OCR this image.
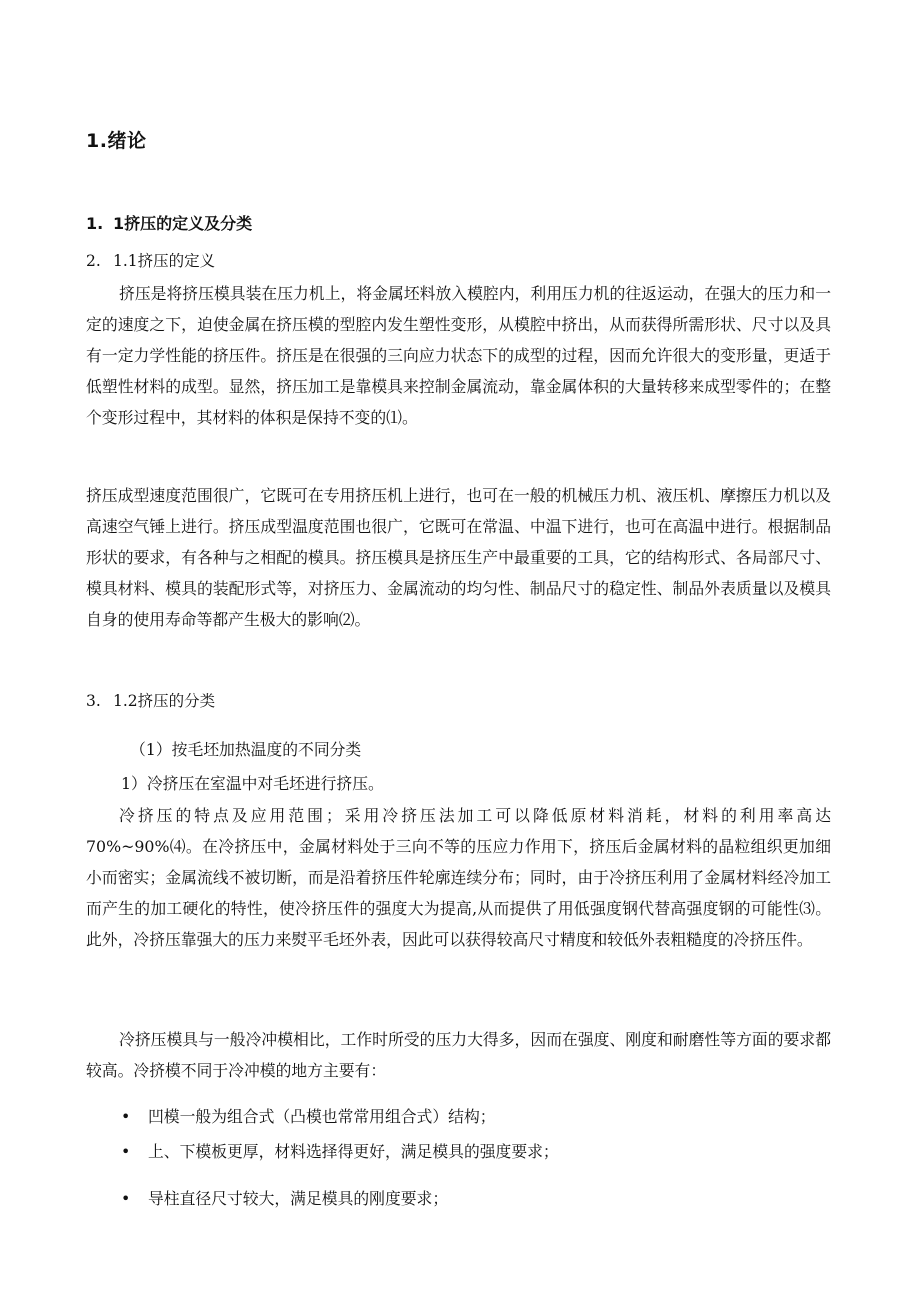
1.绪论
1. 1挤压的定义及分类
2. 1.1挤压的定义

挤压是将挤压模具装在压力机上，将金属坯料放入模腔内，利用压力机的往返运动，在强大的压力和一定的速度之下，迫使金属在挤压模的型腔内发生塑性变形，从模腔中挤出，从而获得所需形状、尺寸以及具有一定力学性能的挤压件。挤压是在很强的三向应力状态下的成型的过程，因而允许很大的变形量，更适于低塑性材料的成型。显然，挤压加工是靠模具来控制金属流动，靠金属体积的大量转移来成型零件的；在整个变形过程中，其材料的体积是保持不变的⑴。

挤压成型速度范围很广，它既可在专用挤压机上进行，也可在一般的机械压力机、液压机、摩擦压力机以及高速空气锤上进行。挤压成型温度范围也很广，它既可在常温、中温下进行，也可在高温中进行。根据制品形状的要求，有各种与之相配的模具。挤压模具是挤压生产中最重要的工具，它的结构形式、各局部尺寸、模具材料、模具的装配形式等，对挤压力、金属流动的均匀性、制品尺寸的稳定性、制品外表质量以及模具自身的使用寿命等都产生极大的影响⑵。

3. 1.2挤压的分类
（1）按毛坯加热温度的不同分类
1）冷挤压在室温中对毛坯进行挤压。

冷挤压的特点及应用范围；采用冷挤压法加工可以降低原材料消耗，材料的利用率高达70%~90%⑷。在冷挤压中，金属材料处于三向不等的压应力作用下，挤压后金属材料的晶粒组织更加细小而密实；金属流线不被切断，而是沿着挤压件轮廓连续分布；同时，由于冷挤压利用了金属材料经冷加工而产生的加工硬化的特性，使冷挤压件的强度大为提高,从而提供了用低强度钢代替高强度钢的可能性⑶。此外，冷挤压靠强大的压力来熨平毛坯外表，因此可以获得较高尺寸精度和较低外表粗糙度的冷挤压件。

冷挤压模具与一般冷冲模相比，工作时所受的压力大得多，因而在强度、刚度和耐磨性等方面的要求都较高。冷挤模不同于冷冲模的地方主要有：

• 凹模一般为组合式（凸模也常常用组合式）结构；
• 上、下模板更厚，材料选择得更好，满足模具的强度要求；
• 导柱直径尺寸较大，满足模具的刚度要求；
